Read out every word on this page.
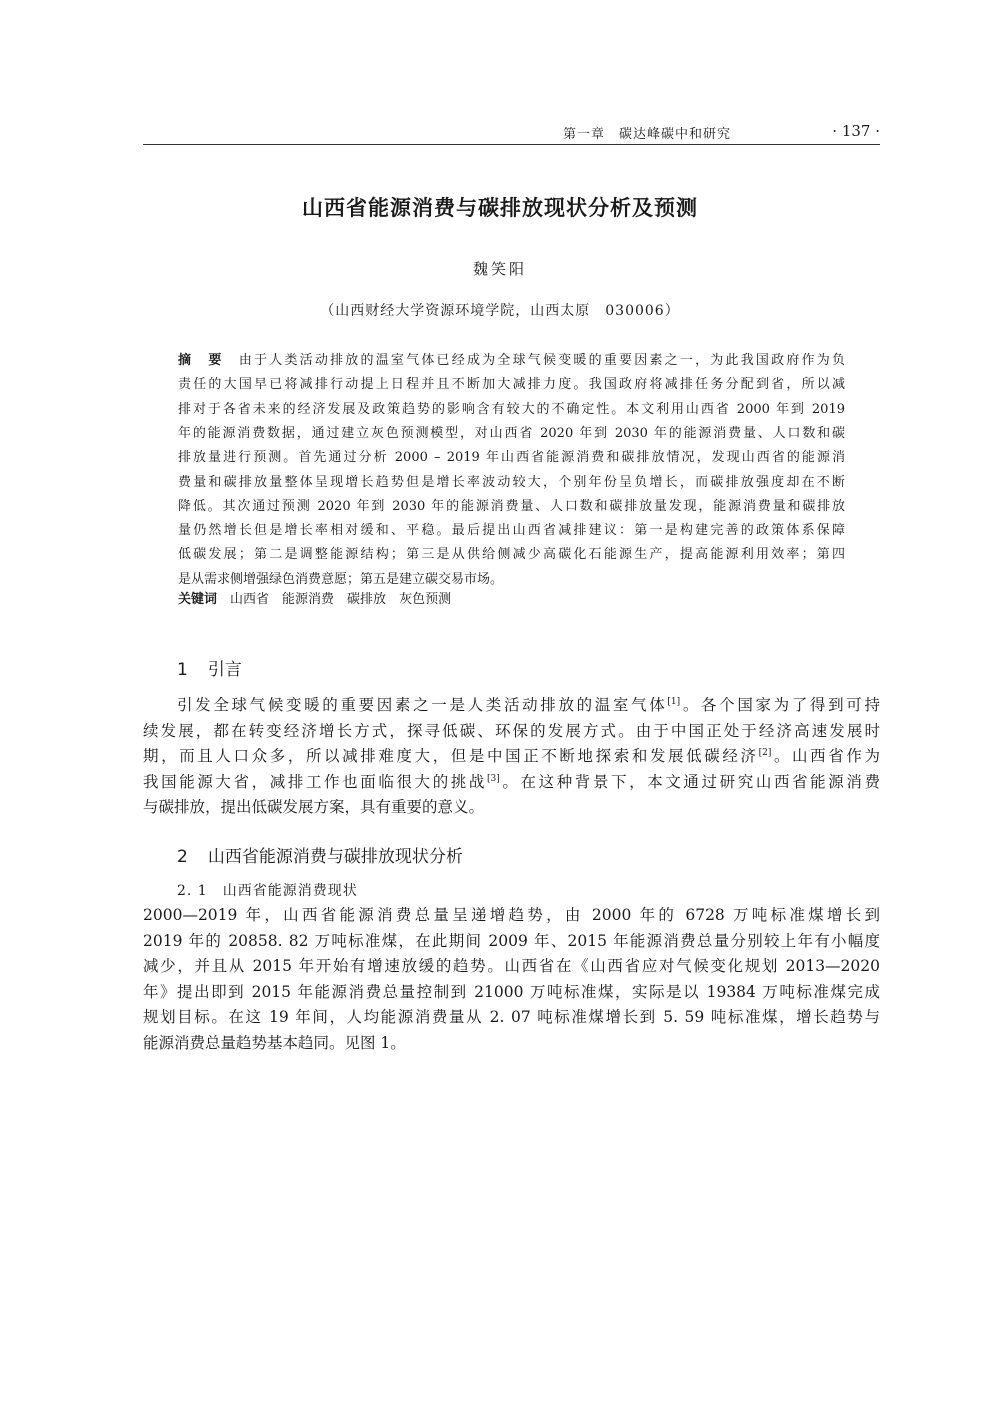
第一章　碳达峰碳中和研究	· 137 ·
山西省能源消费与碳排放现状分析及预测
魏笑阳
（山西财经大学资源环境学院，山西太原　030006）
摘　要　由于人类活动排放的温室气体已经成为全球气候变暖的重要因素之一，为此我国政府作为负
责任的大国早已将减排行动提上日程并且不断加大减排力度。我国政府将减排任务分配到省，所以减
排对于各省未来的经济发展及政策趋势的影响含有较大的不确定性。本文利用山西省 2000 年到 2019
年的能源消费数据，通过建立灰色预测模型，对山西省 2020 年到 2030 年的能源消费量、人口数和碳
排放量进行预测。首先通过分析 2000 – 2019 年山西省能源消费和碳排放情况，发现山西省的能源消
费量和碳排放量整体呈现增长趋势但是增长率波动较大，个别年份呈负增长，而碳排放强度却在不断
降低。其次通过预测 2020 年到 2030 年的能源消费量、人口数和碳排放量发现，能源消费量和碳排放
量仍然增长但是增长率相对缓和、平稳。最后提出山西省减排建议：第一是构建完善的政策体系保障
低碳发展；第二是调整能源结构；第三是从供给侧减少高碳化石能源生产，提高能源利用效率；第四
是从需求侧增强绿色消费意愿；第五是建立碳交易市场。
关键词　山西省　能源消费　碳排放　灰色预测
1 引言
引发全球气候变暖的重要因素之一是人类活动排放的温室气体[1]。各个国家为了得到可持
续发展，都在转变经济增长方式，探寻低碳、环保的发展方式。由于中国正处于经济高速发展时
期，而且人口众多，所以减排难度大，但是中国正不断地探索和发展低碳经济[2]。山西省作为
我国能源大省，减排工作也面临很大的挑战[3]。在这种背景下，本文通过研究山西省能源消费
与碳排放，提出低碳发展方案，具有重要的意义。
2 山西省能源消费与碳排放现状分析
2. 1　山西省能源消费现状
2000—2019 年，山西省能源消费总量呈递增趋势，由 2000 年的 6728 万吨标准煤增长到
2019 年的 20858. 82 万吨标准煤，在此期间 2009 年、2015 年能源消费总量分别较上年有小幅度
减少，并且从 2015 年开始有增速放缓的趋势。山西省在《山西省应对气候变化规划 2013—2020
年》提出即到 2015 年能源消费总量控制到 21000 万吨标准煤，实际是以 19384 万吨标准煤完成
规划目标。在这 19 年间，人均能源消费量从 2. 07 吨标准煤增长到 5. 59 吨标准煤，增长趋势与
能源消费总量趋势基本趋同。见图 1。
